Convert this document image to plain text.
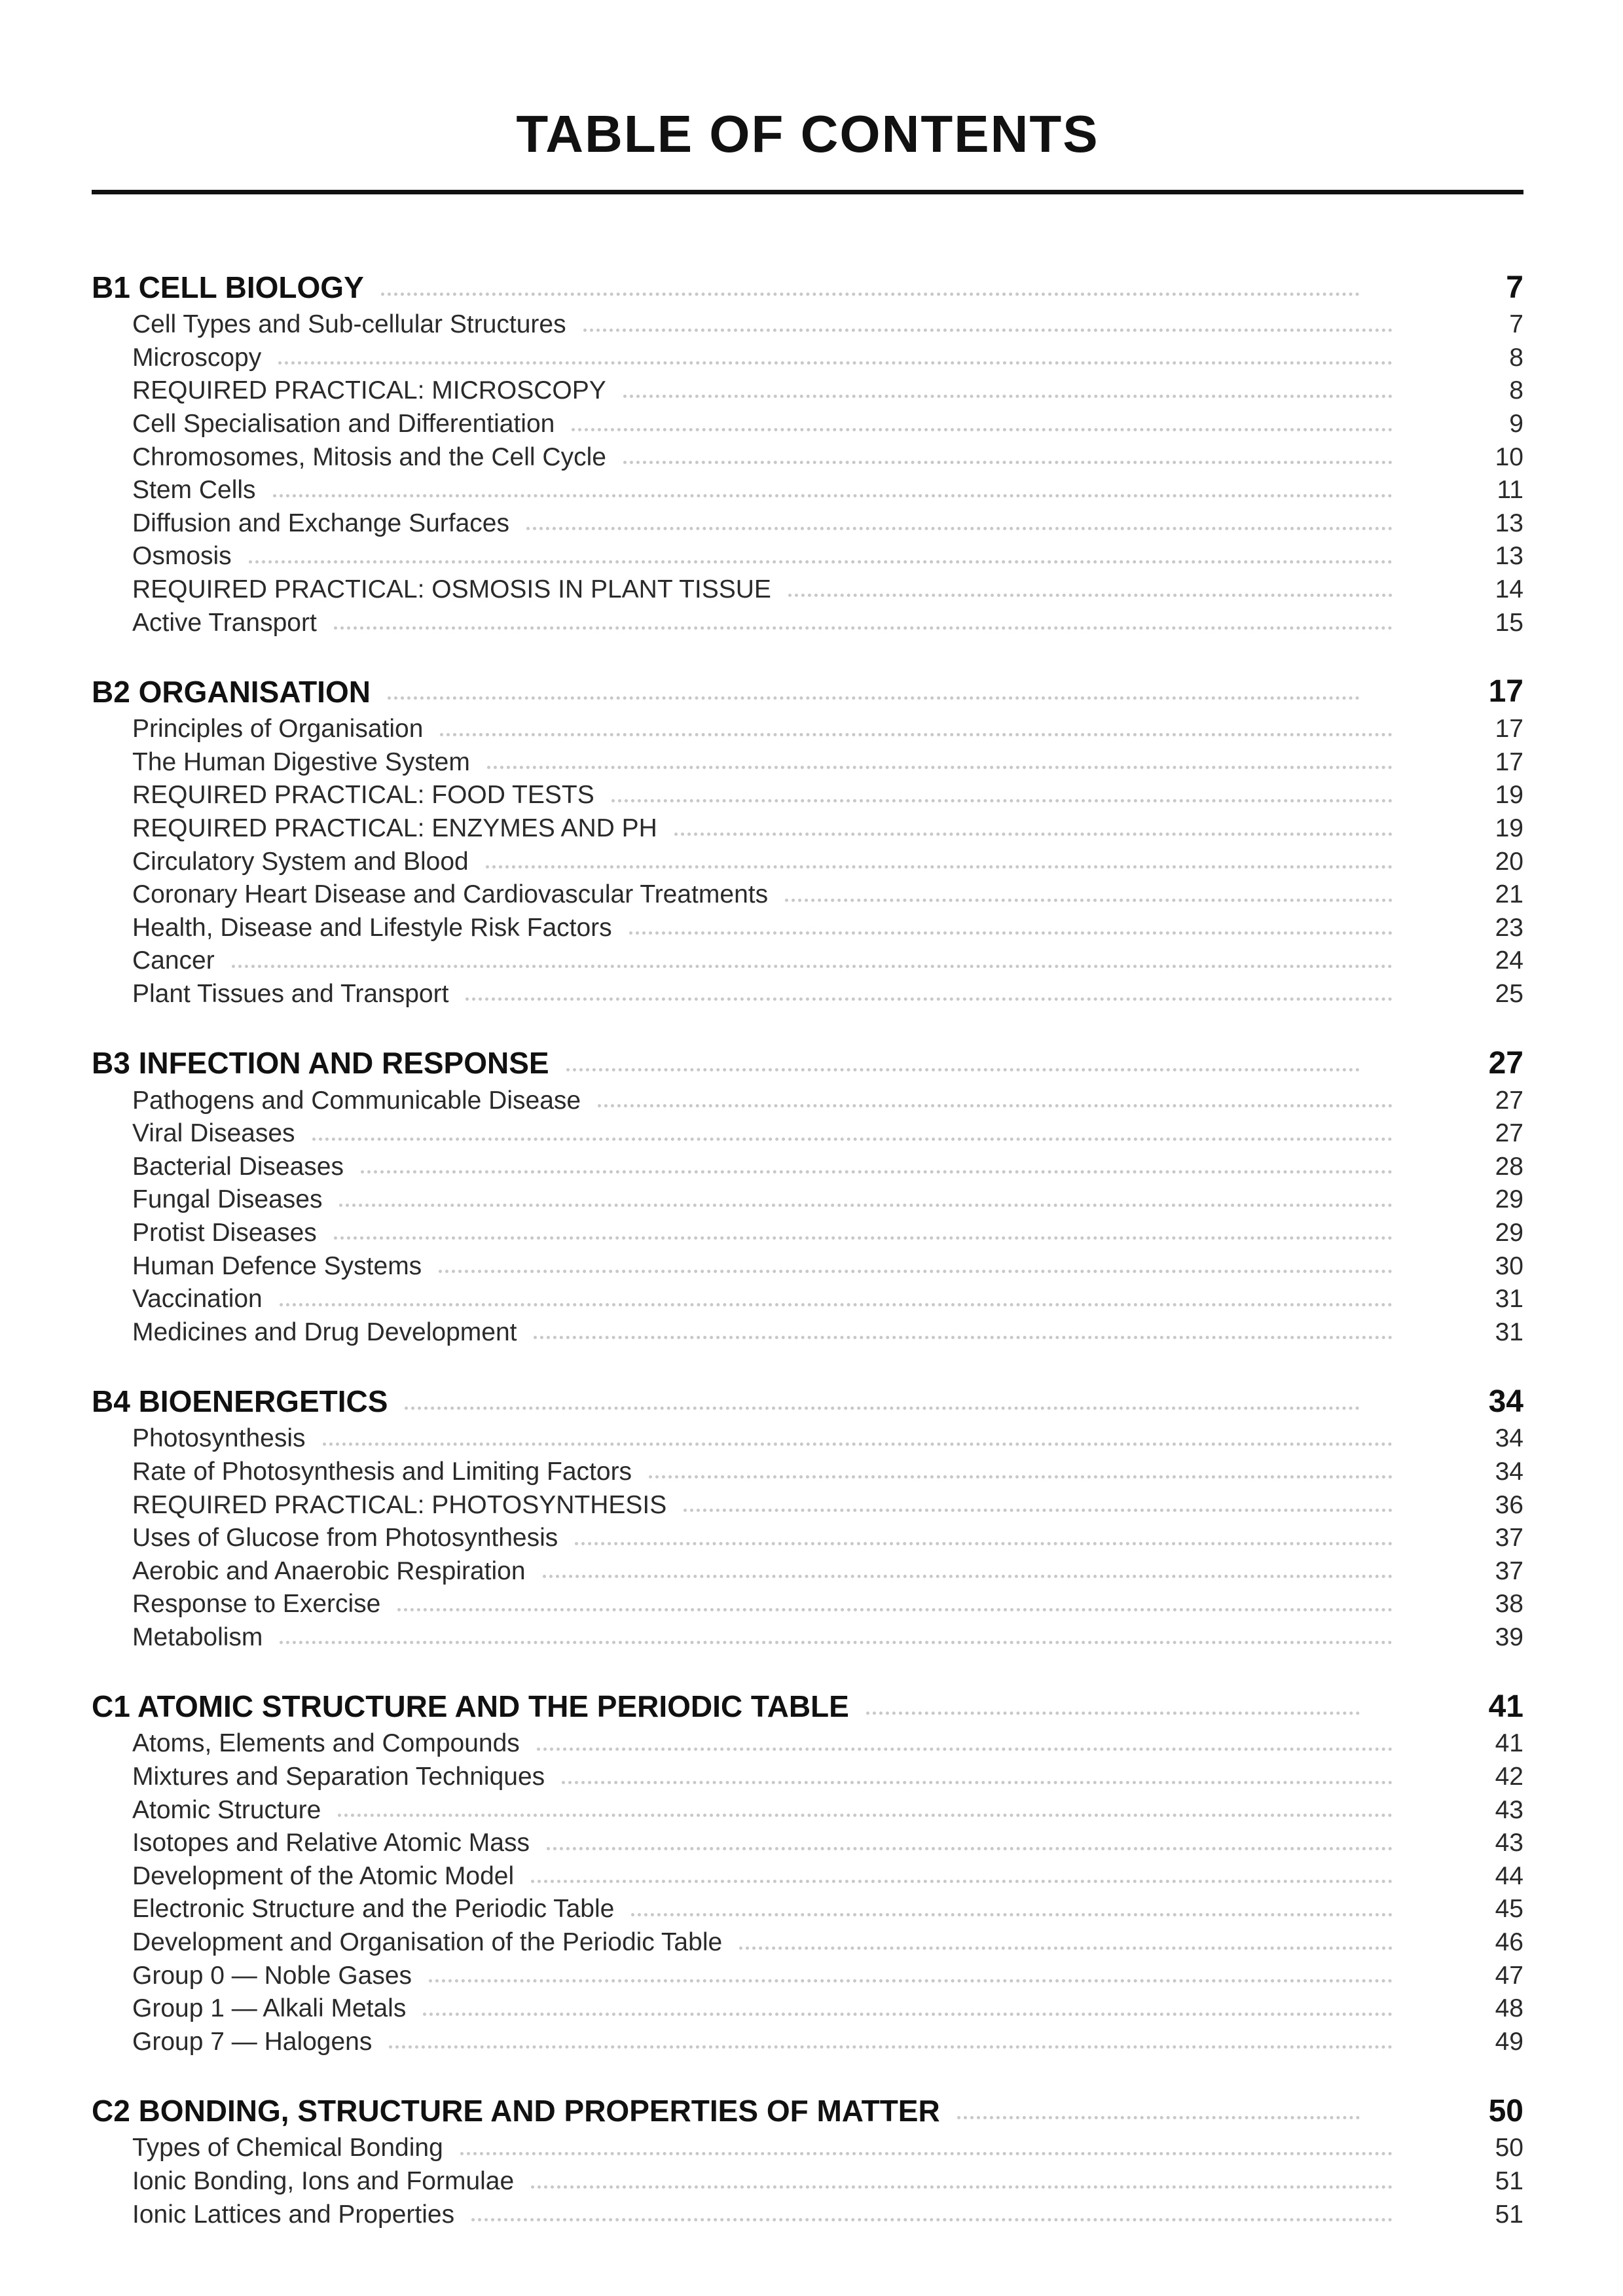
TABLE OF CONTENTS
B1 CELL BIOLOGY	7
Cell Types and Sub-cellular Structures	7
Microscopy	8
REQUIRED PRACTICAL: MICROSCOPY	8
Cell Specialisation and Differentiation	9
Chromosomes, Mitosis and the Cell Cycle	10
Stem Cells	11
Diffusion and Exchange Surfaces	13
Osmosis	13
REQUIRED PRACTICAL: OSMOSIS IN PLANT TISSUE	14
Active Transport	15
B2 ORGANISATION	17
Principles of Organisation	17
The Human Digestive System	17
REQUIRED PRACTICAL: FOOD TESTS	19
REQUIRED PRACTICAL: ENZYMES AND PH	19
Circulatory System and Blood	20
Coronary Heart Disease and Cardiovascular Treatments	21
Health, Disease and Lifestyle Risk Factors	23
Cancer	24
Plant Tissues and Transport	25
B3 INFECTION AND RESPONSE	27
Pathogens and Communicable Disease	27
Viral Diseases	27
Bacterial Diseases	28
Fungal Diseases	29
Protist Diseases	29
Human Defence Systems	30
Vaccination	31
Medicines and Drug Development	31
B4 BIOENERGETICS	34
Photosynthesis	34
Rate of Photosynthesis and Limiting Factors	34
REQUIRED PRACTICAL: PHOTOSYNTHESIS	36
Uses of Glucose from Photosynthesis	37
Aerobic and Anaerobic Respiration	37
Response to Exercise	38
Metabolism	39
C1 ATOMIC STRUCTURE AND THE PERIODIC TABLE	41
Atoms, Elements and Compounds	41
Mixtures and Separation Techniques	42
Atomic Structure	43
Isotopes and Relative Atomic Mass	43
Development of the Atomic Model	44
Electronic Structure and the Periodic Table	45
Development and Organisation of the Periodic Table	46
Group 0 — Noble Gases	47
Group 1 — Alkali Metals	48
Group 7 — Halogens	49
C2 BONDING, STRUCTURE AND PROPERTIES OF MATTER	50
Types of Chemical Bonding	50
Ionic Bonding, Ions and Formulae	51
Ionic Lattices and Properties	51
